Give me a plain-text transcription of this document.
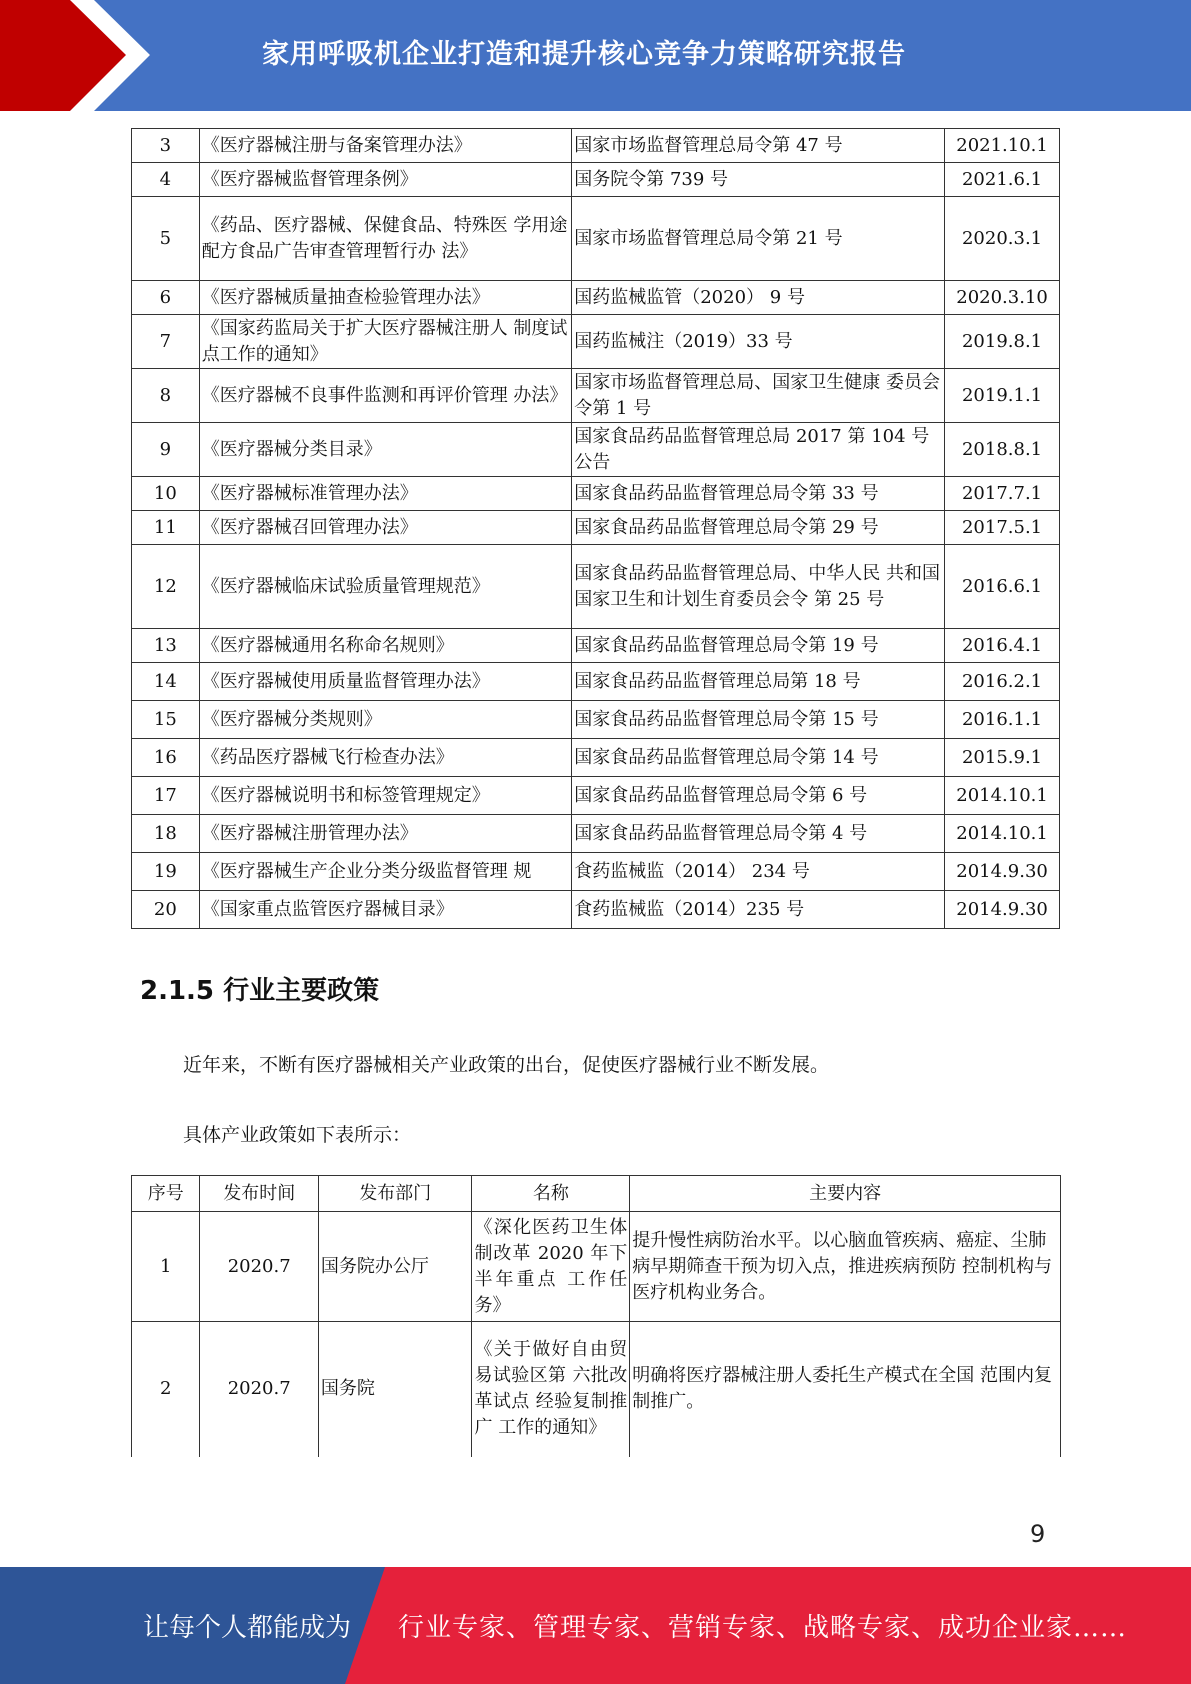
家用呼吸机企业打造和提升核心竞争力策略研究报告
3	《医疗器械注册与备案管理办法》	国家市场监督管理总局令第 47 号	2021.10.1
4	《医疗器械监督管理条例》	国务院令第 739 号	2021.6.1
5	《药品、医疗器械、保健食品、特殊医 学用途配方食品广告审查管理暂行办 法》	国家市场监督管理总局令第 21 号	2020.3.1
6	《医疗器械质量抽查检验管理办法》	国药监械监管（2020） 9 号	2020.3.10
7	《国家药监局关于扩大医疗器械注册人 制度试点工作的通知》	国药监械注（2019）33 号	2019.8.1
8	《医疗器械不良事件监测和再评价管理 办法》	国家市场监督管理总局、国家卫生健康 委员会令第 1 号	2019.1.1
9	《医疗器械分类目录》	国家食品药品监督管理总局 2017 第 104 号公告	2018.8.1
10	《医疗器械标准管理办法》	国家食品药品监督管理总局令第 33 号	2017.7.1
11	《医疗器械召回管理办法》	国家食品药品监督管理总局令第 29 号	2017.5.1
12	《医疗器械临床试验质量管理规范》	国家食品药品监督管理总局、中华人民 共和国国家卫生和计划生育委员会令 第 25 号	2016.6.1
13	《医疗器械通用名称命名规则》	国家食品药品监督管理总局令第 19 号	2016.4.1
14	《医疗器械使用质量监督管理办法》	国家食品药品监督管理总局第 18 号	2016.2.1
15	《医疗器械分类规则》	国家食品药品监督管理总局令第 15 号	2016.1.1
16	《药品医疗器械飞行检查办法》	国家食品药品监督管理总局令第 14 号	2015.9.1
17	《医疗器械说明书和标签管理规定》	国家食品药品监督管理总局令第 6 号	2014.10.1
18	《医疗器械注册管理办法》	国家食品药品监督管理总局令第 4 号	2014.10.1
19	《医疗器械生产企业分类分级监督管理 规	食药监械监（2014） 234 号	2014.9.30
20	《国家重点监管医疗器械目录》	食药监械监（2014）235 号	2014.9.30
2.1.5 行业主要政策
近年来，不断有医疗器械相关产业政策的出台，促使医疗器械行业不断发展。
具体产业政策如下表所示：
序号	发布时间	发布部门	名称	主要内容
1	2020.7	国务院办公厅	《深化医药卫生体制改革 2020 年下半年重点 工作任务》	提升慢性病防治水平。以心脑血管疾病、癌症、尘肺病早期筛查干预为切入点，推进疾病预防 控制机构与医疗机构业务合。
2	2020.7	国务院	《关于做好自由贸易试验区第 六批改革试点 经验复制推广 工作的通知》	明确将医疗器械注册人委托生产模式在全国 范围内复制推广。
9
让每个人都能成为 行业专家、管理专家、营销专家、战略专家、成功企业家……
